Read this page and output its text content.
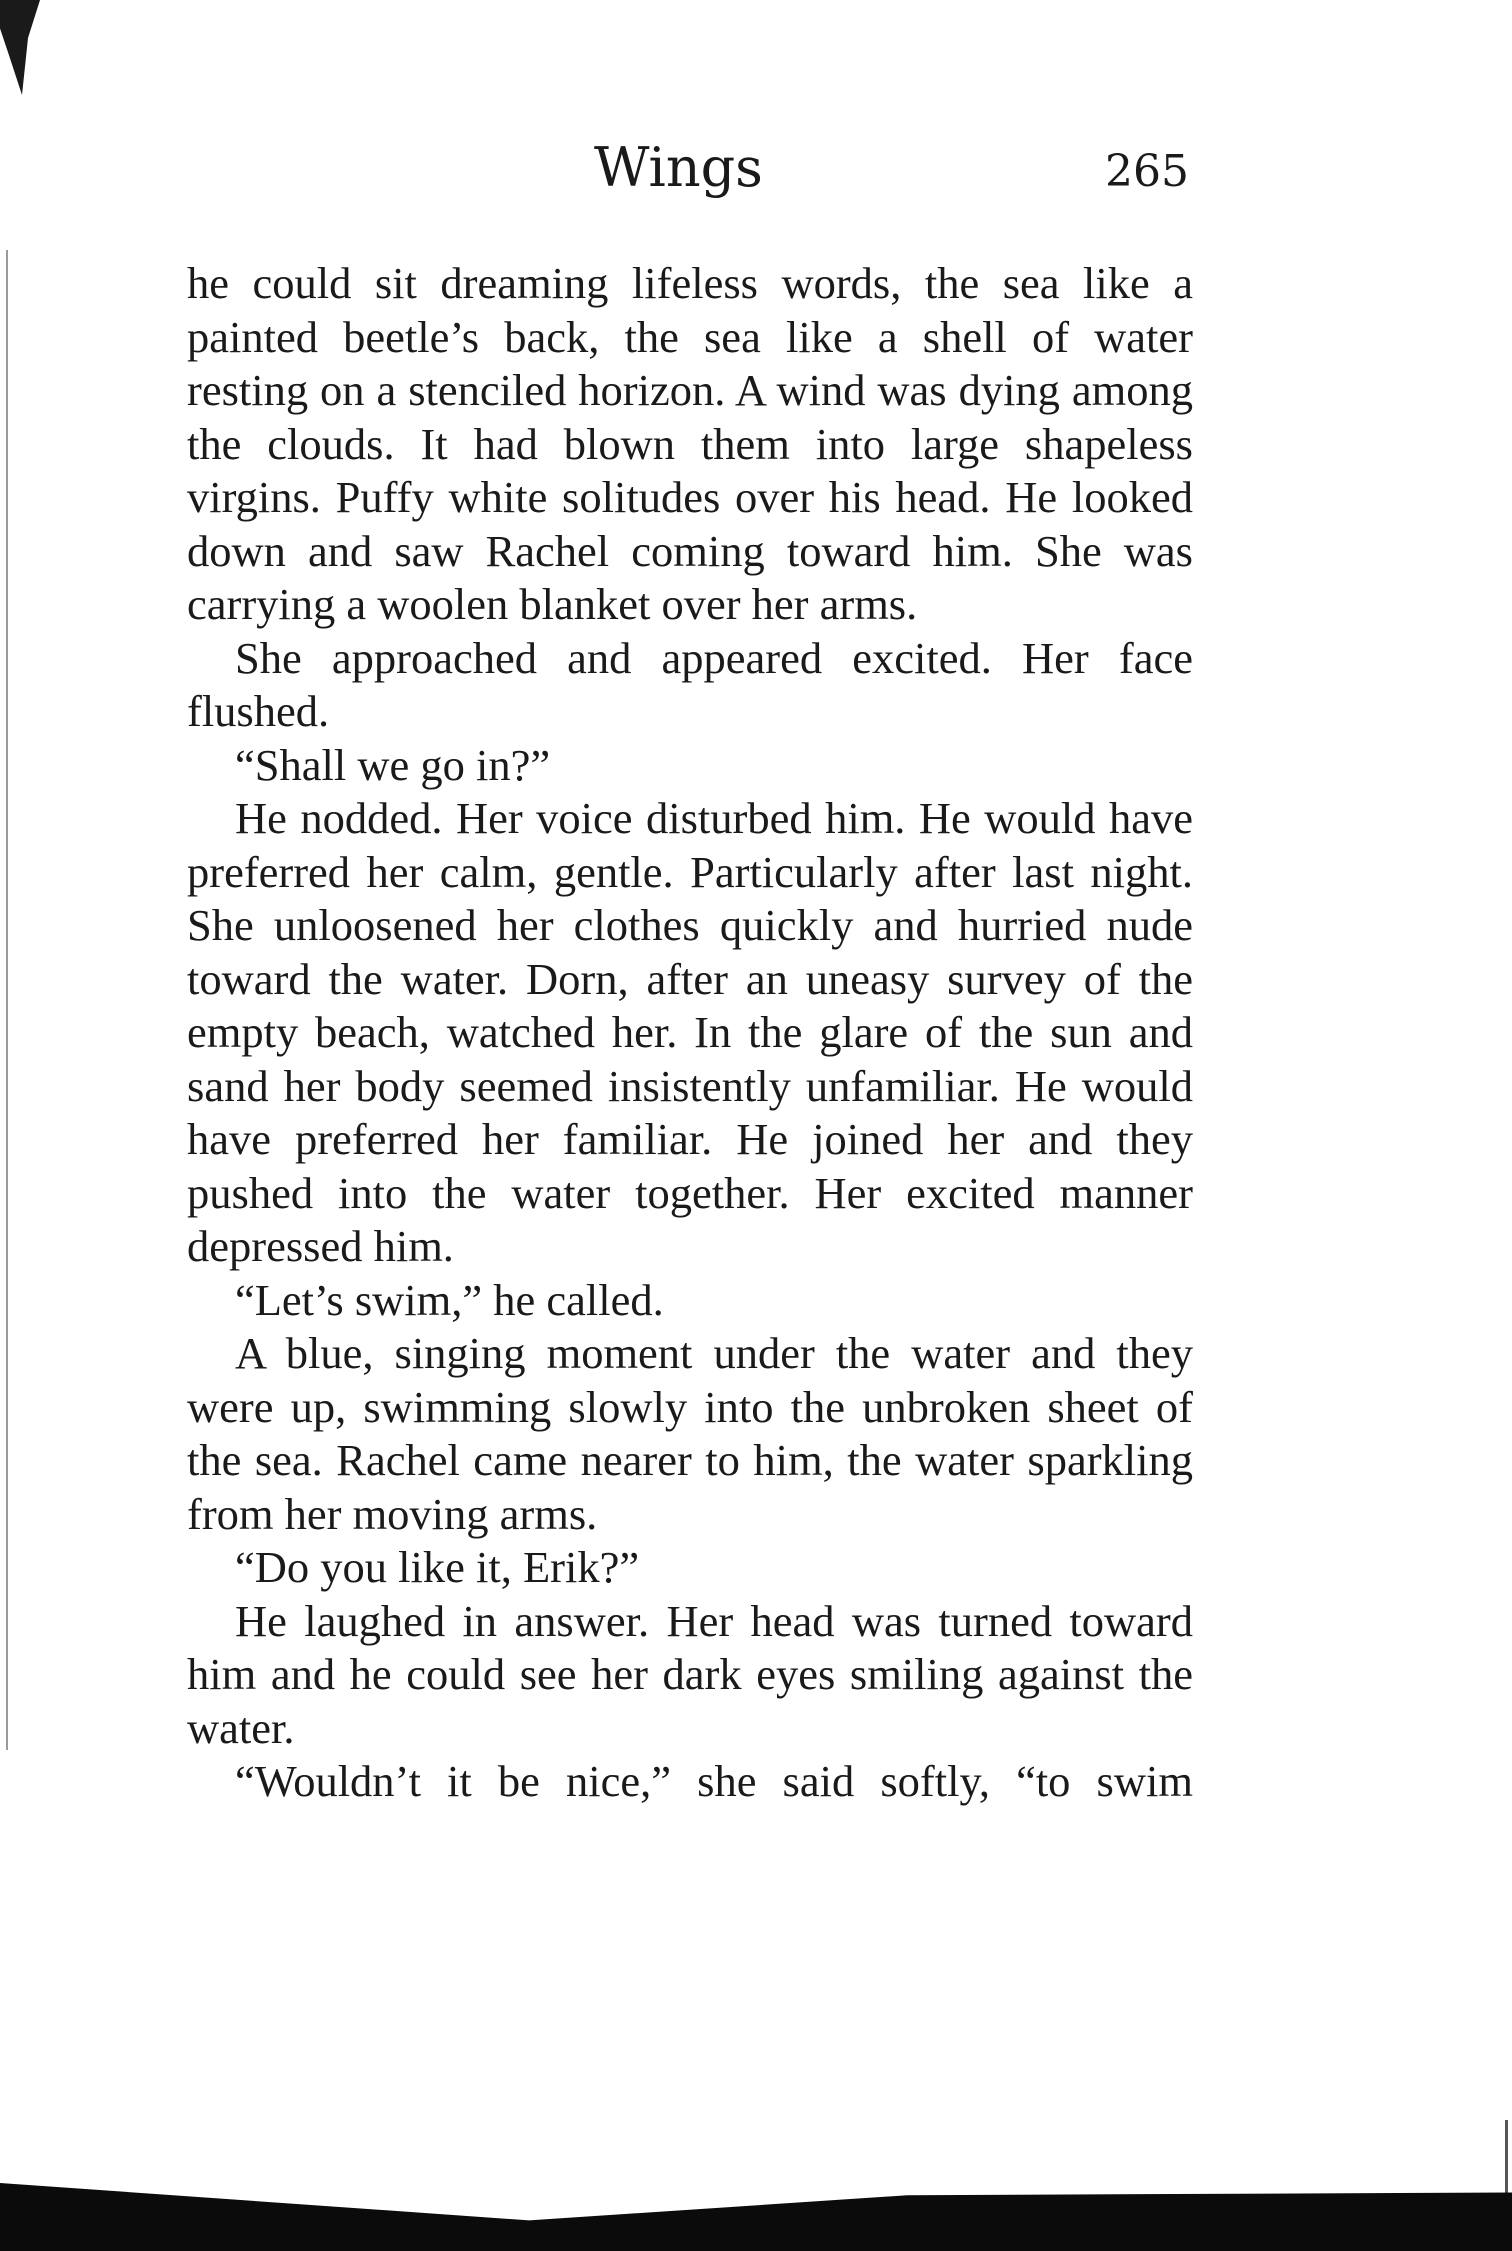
Wings	265

he could sit dreaming lifeless words, the sea like a painted beetle’s back, the sea like a shell of water resting on a stenciled horizon. A wind was dying among the clouds. It had blown them into large shapeless virgins. Puffy white solitudes over his head. He looked down and saw Rachel coming toward him. She was carrying a woolen blanket over her arms.

She approached and appeared excited. Her face flushed.

“Shall we go in?”

He nodded. Her voice disturbed him. He would have preferred her calm, gentle. Particularly after last night. She unloosened her clothes quickly and hurried nude toward the water. Dorn, after an uneasy survey of the empty beach, watched her. In the glare of the sun and sand her body seemed insistently unfamiliar. He would have preferred her familiar. He joined her and they pushed into the water together. Her excited manner depressed him.

“Let’s swim,” he called.

A blue, singing moment under the water and they were up, swimming slowly into the unbroken sheet of the sea. Rachel came nearer to him, the water sparkling from her moving arms.

“Do you like it, Erik?”

He laughed in answer. Her head was turned toward him and he could see her dark eyes smiling against the water.

“Wouldn’t it be nice,” she said softly, “to swim
